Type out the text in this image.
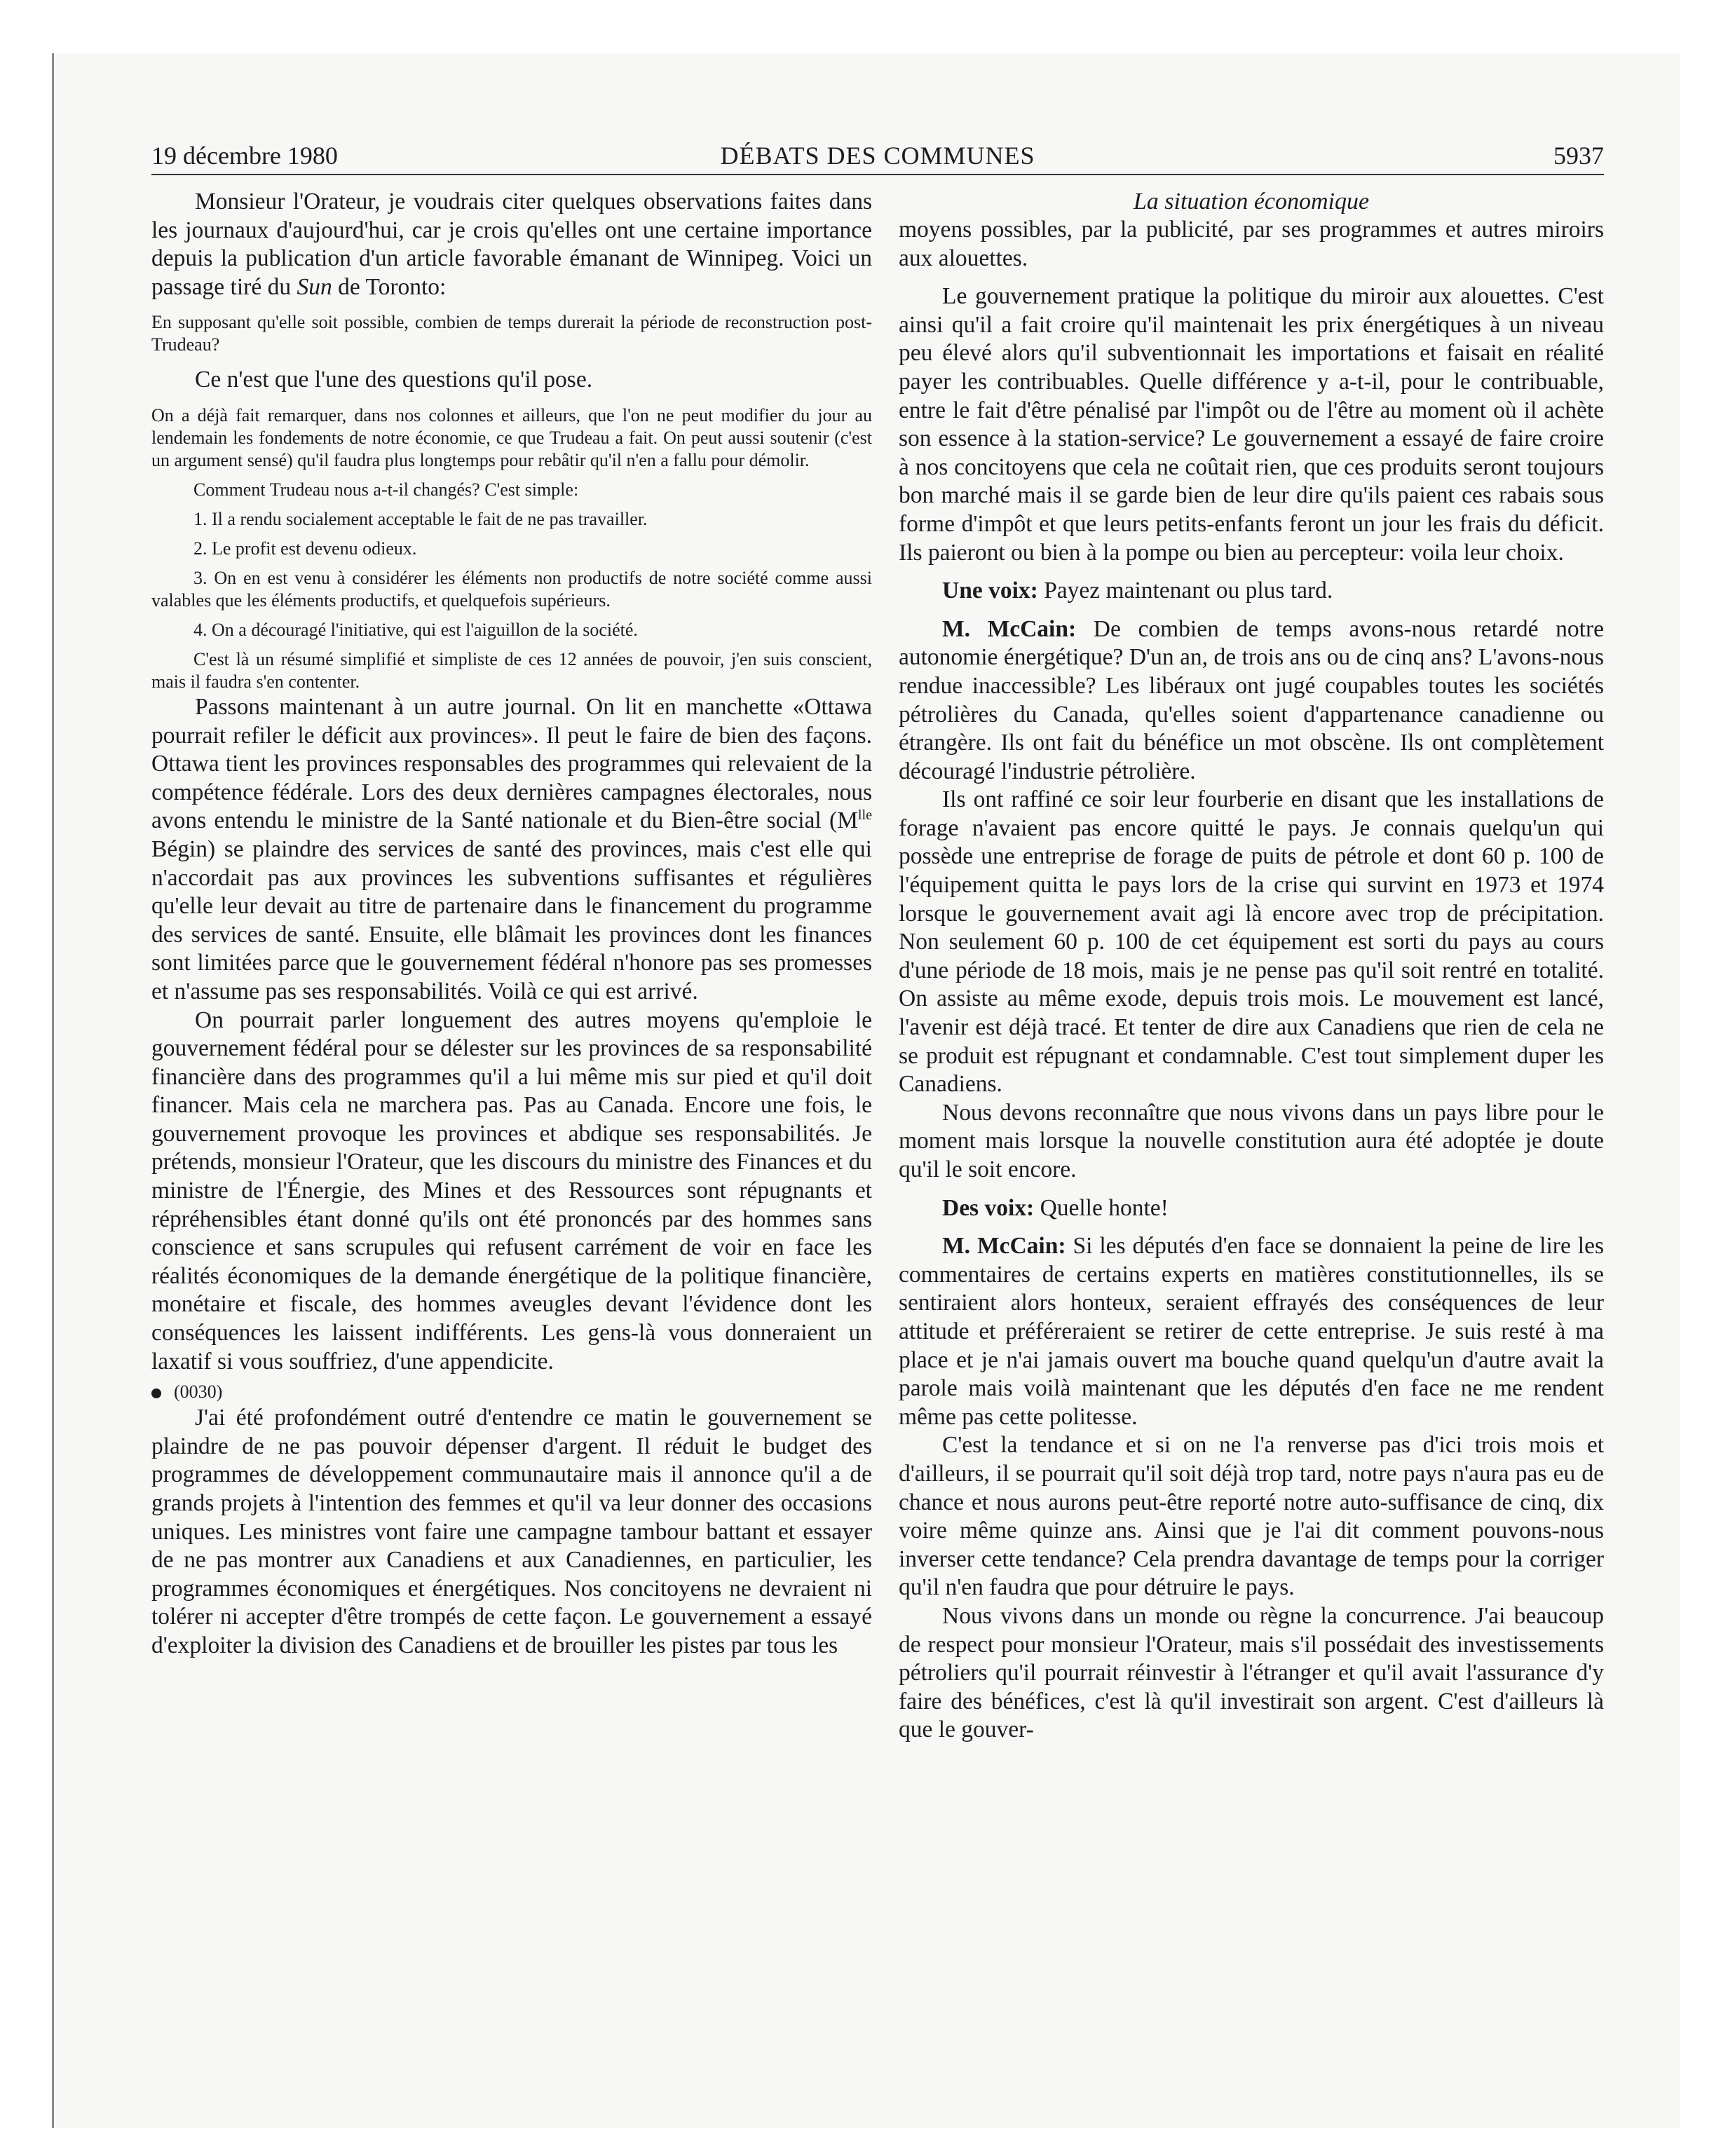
19 décembre 1980	DÉBATS DES COMMUNES	5937

Monsieur l'Orateur, je voudrais citer quelques observations faites dans les journaux d'aujourd'hui, car je crois qu'elles ont une certaine importance depuis la publication d'un article favorable émanant de Winnipeg. Voici un passage tiré du Sun de Toronto:

En supposant qu'elle soit possible, combien de temps durerait la période de reconstruction post-Trudeau?

Ce n'est que l'une des questions qu'il pose.

On a déjà fait remarquer, dans nos colonnes et ailleurs, que l'on ne peut modifier du jour au lendemain les fondements de notre économie, ce que Trudeau a fait. On peut aussi soutenir (c'est un argument sensé) qu'il faudra plus longtemps pour rebâtir qu'il n'en a fallu pour démolir.

Comment Trudeau nous a-t-il changés? C'est simple:

1. Il a rendu socialement acceptable le fait de ne pas travailler.

2. Le profit est devenu odieux.

3. On en est venu à considérer les éléments non productifs de notre société comme aussi valables que les éléments productifs, et quelquefois supérieurs.

4. On a découragé l'initiative, qui est l'aiguillon de la société.

C'est là un résumé simplifié et simpliste de ces 12 années de pouvoir, j'en suis conscient, mais il faudra s'en contenter.

Passons maintenant à un autre journal. On lit en manchette «Ottawa pourrait refiler le déficit aux provinces». Il peut le faire de bien des façons. Ottawa tient les provinces responsables des programmes qui relevaient de la compétence fédérale. Lors des deux dernières campagnes électorales, nous avons entendu le ministre de la Santé nationale et du Bien-être social ($M^{lle}$ Bégin) se plaindre des services de santé des provinces, mais c'est elle qui n'accordait pas aux provinces les subventions suffisantes et régulières qu'elle leur devait au titre de partenaire dans le financement du programme des services de santé. Ensuite, elle blâmait les provinces dont les finances sont limitées parce que le gouvernement fédéral n'honore pas ses promesses et n'assume pas ses responsabilités. Voilà ce qui est arrivé.

On pourrait parler longuement des autres moyens qu'emploie le gouvernement fédéral pour se délester sur les provinces de sa responsabilité financière dans des programmes qu'il a lui même mis sur pied et qu'il doit financer. Mais cela ne marchera pas. Pas au Canada. Encore une fois, le gouvernement provoque les provinces et abdique ses responsabilités. Je prétends, monsieur l'Orateur, que les discours du ministre des Finances et du ministre de l'Énergie, des Mines et des Ressources sont répugnants et répréhensibles étant donné qu'ils ont été prononcés par des hommes sans conscience et sans scrupules qui refusent carrément de voir en face les réalités économiques de la demande énergétique de la politique financière, monétaire et fiscale, des hommes aveugles devant l'évidence dont les conséquences les laissent indifférents. Les gens-là vous donneraient un laxatif si vous souffriez, d'une appendicite.

(0030)

J'ai été profondément outré d'entendre ce matin le gouvernement se plaindre de ne pas pouvoir dépenser d'argent. Il réduit le budget des programmes de développement communautaire mais il annonce qu'il a de grands projets à l'intention des femmes et qu'il va leur donner des occasions uniques. Les ministres vont faire une campagne tambour battant et essayer de ne pas montrer aux Canadiens et aux Canadiennes, en particulier, les programmes économiques et énergétiques. Nos concitoyens ne devraient ni tolérer ni accepter d'être trompés de cette façon. Le gouvernement a essayé d'exploiter la division des Canadiens et de brouiller les pistes par tous les

La situation économique

moyens possibles, par la publicité, par ses programmes et autres miroirs aux alouettes.

Le gouvernement pratique la politique du miroir aux alouettes. C'est ainsi qu'il a fait croire qu'il maintenait les prix énergétiques à un niveau peu élevé alors qu'il subventionnait les importations et faisait en réalité payer les contribuables. Quelle différence y a-t-il, pour le contribuable, entre le fait d'être pénalisé par l'impôt ou de l'être au moment où il achète son essence à la station-service? Le gouvernement a essayé de faire croire à nos concitoyens que cela ne coûtait rien, que ces produits seront toujours bon marché mais il se garde bien de leur dire qu'ils paient ces rabais sous forme d'impôt et que leurs petits-enfants feront un jour les frais du déficit. Ils paieront ou bien à la pompe ou bien au percepteur: voila leur choix.

Une voix: Payez maintenant ou plus tard.

M. McCain: De combien de temps avons-nous retardé notre autonomie énergétique? D'un an, de trois ans ou de cinq ans? L'avons-nous rendue inaccessible? Les libéraux ont jugé coupables toutes les sociétés pétrolières du Canada, qu'elles soient d'appartenance canadienne ou étrangère. Ils ont fait du bénéfice un mot obscène. Ils ont complètement découragé l'industrie pétrolière.

Ils ont raffiné ce soir leur fourberie en disant que les installations de forage n'avaient pas encore quitté le pays. Je connais quelqu'un qui possède une entreprise de forage de puits de pétrole et dont 60 p. 100 de l'équipement quitta le pays lors de la crise qui survint en 1973 et 1974 lorsque le gouvernement avait agi là encore avec trop de précipitation. Non seulement 60 p. 100 de cet équipement est sorti du pays au cours d'une période de 18 mois, mais je ne pense pas qu'il soit rentré en totalité. On assiste au même exode, depuis trois mois. Le mouvement est lancé, l'avenir est déjà tracé. Et tenter de dire aux Canadiens que rien de cela ne se produit est répugnant et condamnable. C'est tout simplement duper les Canadiens.

Nous devons reconnaître que nous vivons dans un pays libre pour le moment mais lorsque la nouvelle constitution aura été adoptée je doute qu'il le soit encore.

Des voix: Quelle honte!

M. McCain: Si les députés d'en face se donnaient la peine de lire les commentaires de certains experts en matières constitutionnelles, ils se sentiraient alors honteux, seraient effrayés des conséquences de leur attitude et préféreraient se retirer de cette entreprise. Je suis resté à ma place et je n'ai jamais ouvert ma bouche quand quelqu'un d'autre avait la parole mais voilà maintenant que les députés d'en face ne me rendent même pas cette politesse.

C'est la tendance et si on ne l'a renverse pas d'ici trois mois et d'ailleurs, il se pourrait qu'il soit déjà trop tard, notre pays n'aura pas eu de chance et nous aurons peut-être reporté notre auto-suffisance de cinq, dix voire même quinze ans. Ainsi que je l'ai dit comment pouvons-nous inverser cette tendance? Cela prendra davantage de temps pour la corriger qu'il n'en faudra que pour détruire le pays.

Nous vivons dans un monde ou règne la concurrence. J'ai beaucoup de respect pour monsieur l'Orateur, mais s'il possédait des investissements pétroliers qu'il pourrait réinvestir à l'étranger et qu'il avait l'assurance d'y faire des bénéfices, c'est là qu'il investirait son argent. C'est d'ailleurs là que le gouver-
